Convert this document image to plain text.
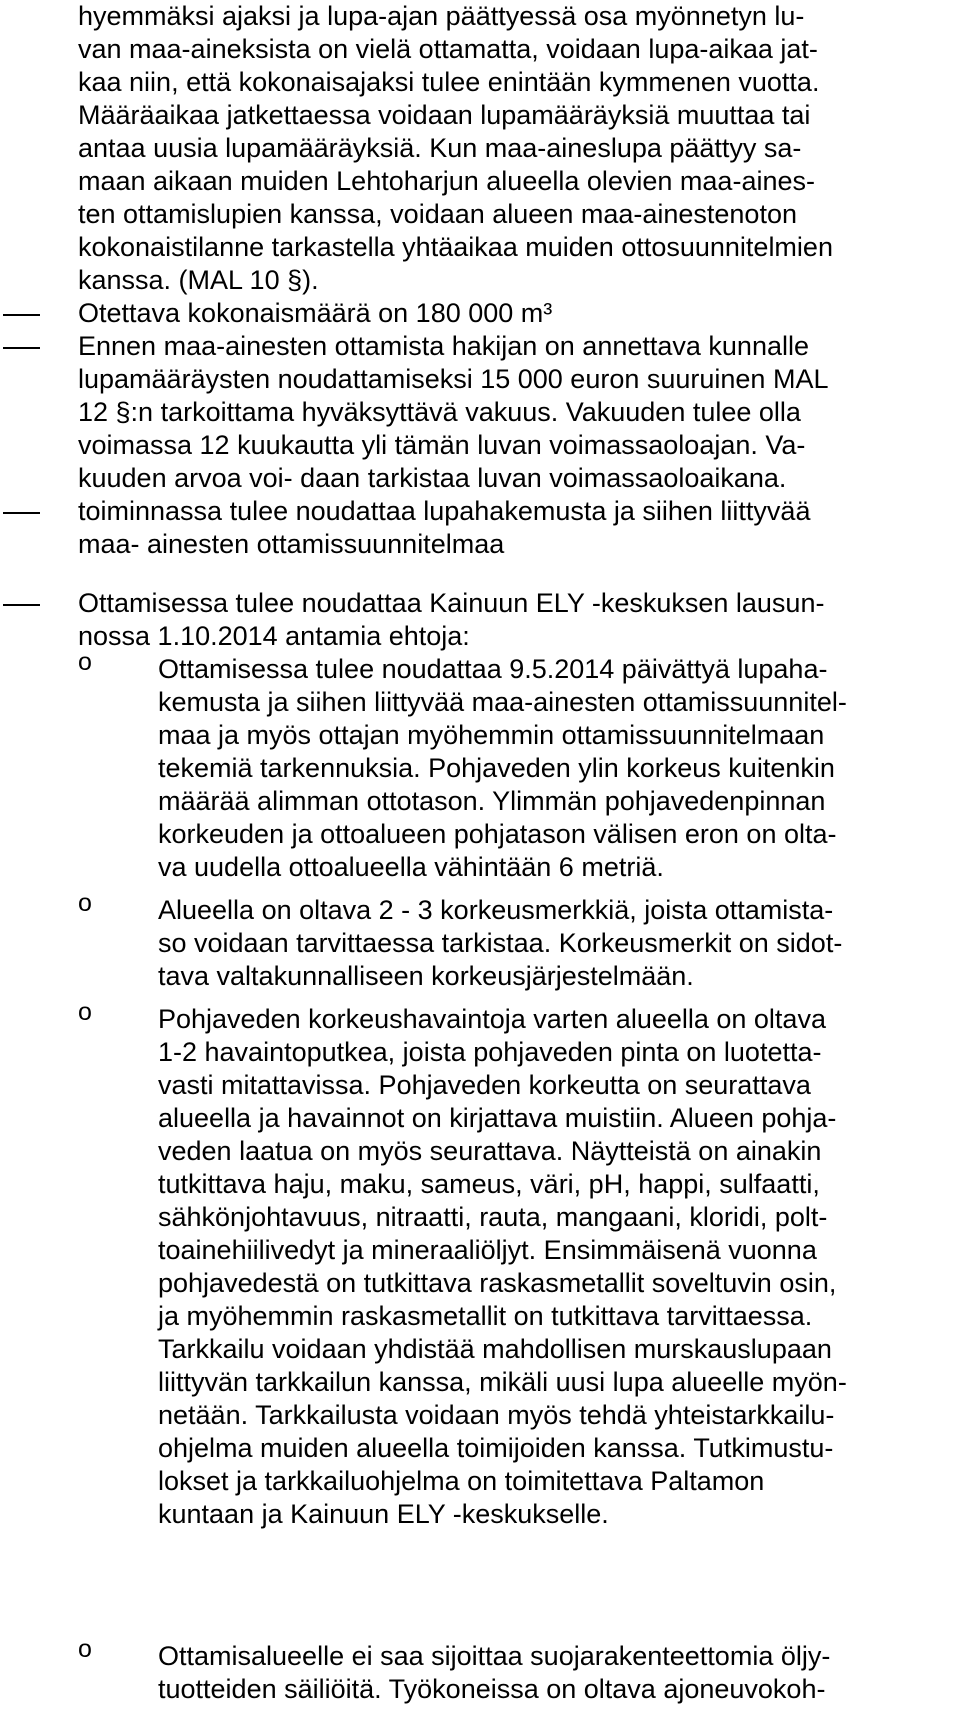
hyemmäksi ajaksi ja lupa-ajan päättyessä osa myönnetyn lu-
van maa-aineksista on vielä ottamatta, voidaan lupa-aikaa jat-
kaa niin, että kokonaisajaksi tulee enintään kymmenen vuotta.
Määräaikaa jatkettaessa voidaan lupamääräyksiä muuttaa tai
antaa uusia lupamääräyksiä. Kun maa-aineslupa päättyy sa-
maan aikaan muiden Lehtoharjun alueella olevien maa-aines-
ten ottamislupien kanssa, voidaan alueen maa-ainestenoton
kokonaistilanne tarkastella yhtäaikaa muiden ottosuunnitelmien
kanssa. (MAL 10 §).
Otettava kokonaismäärä on 180 000 m³
Ennen maa-ainesten ottamista hakijan on annettava kunnalle
lupamääräysten noudattamiseksi 15 000 euron suuruinen MAL
12 §:n tarkoittama hyväksyttävä vakuus. Vakuuden tulee olla
voimassa 12 kuukautta yli tämän luvan voimassaoloajan. Va-
kuuden arvoa voi- daan tarkistaa luvan voimassaoloaikana.
toiminnassa tulee noudattaa lupahakemusta ja siihen liittyvää
maa- ainesten ottamissuunnitelmaa
Ottamisessa tulee noudattaa Kainuun ELY -keskuksen lausun-
nossa 1.10.2014 antamia ehtoja:
o Ottamisessa tulee noudattaa 9.5.2014 päivättyä lupaha-
kemusta ja siihen liittyvää maa-ainesten ottamissuunnitel-
maa ja myös ottajan myöhemmin ottamissuunnitelmaan
tekemiä tarkennuksia. Pohjaveden ylin korkeus kuitenkin
määrää alimman ottotason. Ylimmän pohjavedenpinnan
korkeuden ja ottoalueen pohjatason välisen eron on olta-
va uudella ottoalueella vähintään 6 metriä.
o Alueella on oltava 2 - 3 korkeusmerkkiä, joista ottamista-
so voidaan tarvittaessa tarkistaa. Korkeusmerkit on sidot-
tava valtakunnalliseen korkeusjärjestelmään.
o Pohjaveden korkeushavaintoja varten alueella on oltava
1-2 havaintoputkea, joista pohjaveden pinta on luotetta-
vasti mitattavissa. Pohjaveden korkeutta on seurattava
alueella ja havainnot on kirjattava muistiin. Alueen pohja-
veden laatua on myös seurattava. Näytteistä on ainakin
tutkittava haju, maku, sameus, väri, pH, happi, sulfaatti,
sähkönjohtavuus, nitraatti, rauta, mangaani, kloridi, polt-
toainehiilivedyt ja mineraaliöljyt. Ensimmäisenä vuonna
pohjavedestä on tutkittava raskasmetallit soveltuvin osin,
ja myöhemmin raskasmetallit on tutkittava tarvittaessa.
Tarkkailu voidaan yhdistää mahdollisen murskauslupaan
liittyvän tarkkailun kanssa, mikäli uusi lupa alueelle myön-
netään. Tarkkailusta voidaan myös tehdä yhteistarkkailu-
ohjelma muiden alueella toimijoiden kanssa. Tutkimustu-
lokset ja tarkkailuohjelma on toimitettava Paltamon
kuntaan ja Kainuun ELY -keskukselle.
o Ottamisalueelle ei saa sijoittaa suojarakenteettomia öljy-
tuotteiden säiliöitä. Työkoneissa on oltava ajoneuvokoh-
